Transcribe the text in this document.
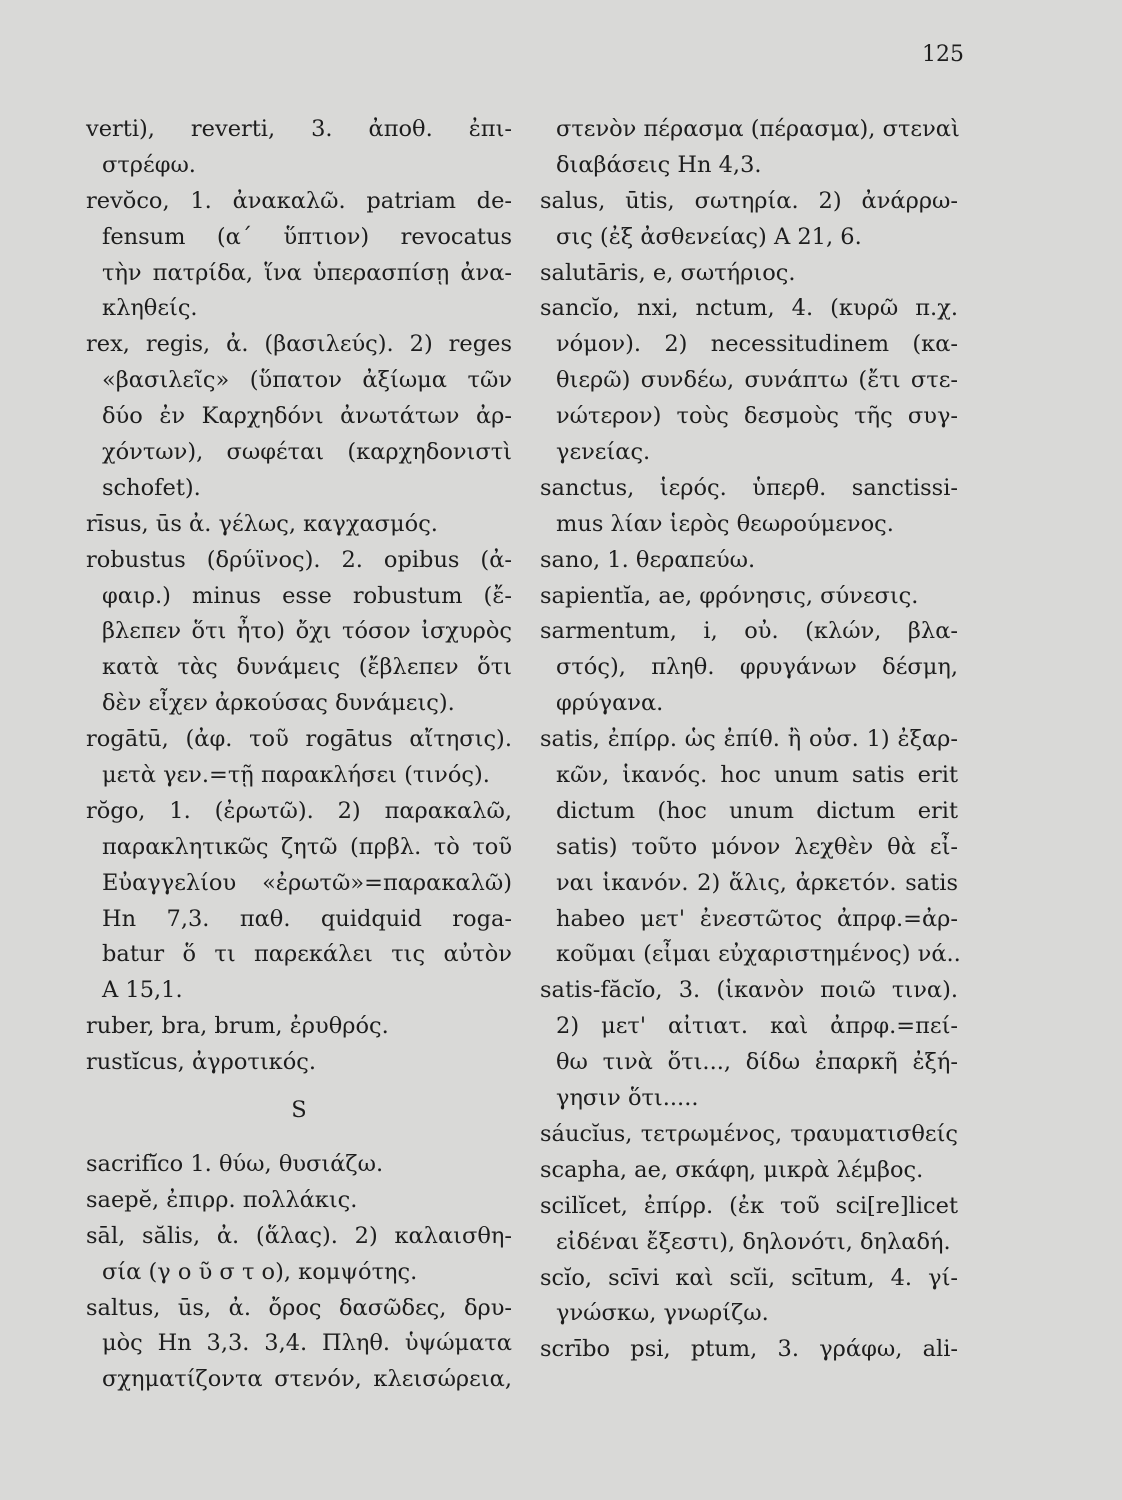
125
verti), reverti, 3. ἀποθ. ἐπι-
στρέφω.
revŏco, 1. ἀνακαλῶ. patriam de-
fensum (α΄ ὕπτιον) revocatus
τὴν πατρίδα, ἵνα ὑπερασπίσῃ ἀνα-
κληθείς.
rex, regis, ἀ. (βασιλεύς). 2) reges
«βασιλεῖς» (ὕπατον ἀξίωμα τῶν
δύο ἐν Καρχηδόνι ἀνωτάτων ἀρ-
χόντων), σωφέται (καρχηδονιστὶ
schofet).
rīsus, ūs ἀ. γέλως, καγχασμός.
robustus (δρύϊνος). 2. opibus (ἀ-
φαιρ.) minus esse robustum (ἔ-
βλεπεν ὅτι ἦτο) ὄχι τόσον ἰσχυρὸς
κατὰ τὰς δυνάμεις (ἔβλεπεν ὅτι
δὲν εἶχεν ἀρκούσας δυνάμεις).
rogātū, (ἀφ. τοῦ rogātus αἴτησις).
μετὰ γεν.=τῇ παρακλήσει (τινός).
rŏgo, 1. (ἐρωτῶ). 2) παρακαλῶ,
παρακλητικῶς ζητῶ (πρβλ. τὸ τοῦ
Εὐαγγελίου «ἐρωτῶ»=παρακαλῶ)
Hn 7,3. παθ. quidquid roga-
batur ὅ τι παρεκάλει τις αὐτὸν
A 15,1.
ruber, bra, brum, ἐρυθρός.
rustĭcus, ἀγροτικός.
S
sacrifĭco 1. θύω, θυσιάζω.
saepĕ, ἐπιρρ. πολλάκις.
sāl, sălis, ἀ. (ἅλας). 2) καλαισθη-
σία (γ ο ῦ σ τ ο), κομψότης.
saltus, ūs, ἀ. ὄρος δασῶδες, δρυ-
μὸς Hn 3,3. 3,4. Πληθ. ὑψώματα
σχηματίζοντα στενόν, κλεισώρεια,
στενὸν πέρασμα (πέρασμα), στεναὶ
διαβάσεις Hn 4,3.
salus, ūtis, σωτηρία. 2) ἀνάρρω-
σις (ἐξ ἀσθενείας) A 21, 6.
salutāris, e, σωτήριος.
sancĭo, nxi, nctum, 4. (κυρῶ π.χ.
νόμον). 2) necessitudinem (κα-
θιερῶ) συνδέω, συνάπτω (ἔτι στε-
νώτερον) τοὺς δεσμοὺς τῆς συγ-
γενείας.
sanctus, ἱερός. ὑπερθ. sanctissi-
mus λίαν ἱερὸς θεωρούμενος.
sano, 1. θεραπεύω.
sapientĭa, ae, φρόνησις, σύνεσις.
sarmentum, i, οὐ. (κλών, βλα-
στός), πληθ. φρυγάνων δέσμη,
φρύγανα.
satis, ἐπίρρ. ὡς ἐπίθ. ἢ οὐσ. 1) ἐξαρ-
κῶν, ἱκανός. hoc unum satis erit
dictum (hoc unum dictum erit
satis) τοῦτο μόνον λεχθὲν θὰ εἶ-
ναι ἱκανόν. 2) ἅλις, ἀρκετόν. satis
habeo μετ' ἐνεστῶτος ἀπρφ.=ἀρ-
κοῦμαι (εἶμαι εὐχαριστημένος) νά..
satis-făcĭo, 3. (ἱκανὸν ποιῶ τινα).
2) μετ' αἰτιατ. καὶ ἀπρφ.=πεί-
θω τινὰ ὅτι..., δίδω ἐπαρκῆ ἐξή-
γησιν ὅτι.....
sáucĭus, τετρωμένος, τραυματισθείς
scapha, ae, σκάφη, μικρὰ λέμβος.
scilĭcet, ἐπίρρ. (ἐκ τοῦ sci[re]licet
εἰδέναι ἔξεστι), δηλονότι, δηλαδή.
scĭo, scīvi καὶ scĭi, scītum, 4. γί-
γνώσκω, γνωρίζω.
scrībo psi, ptum, 3. γράφω, ali-
